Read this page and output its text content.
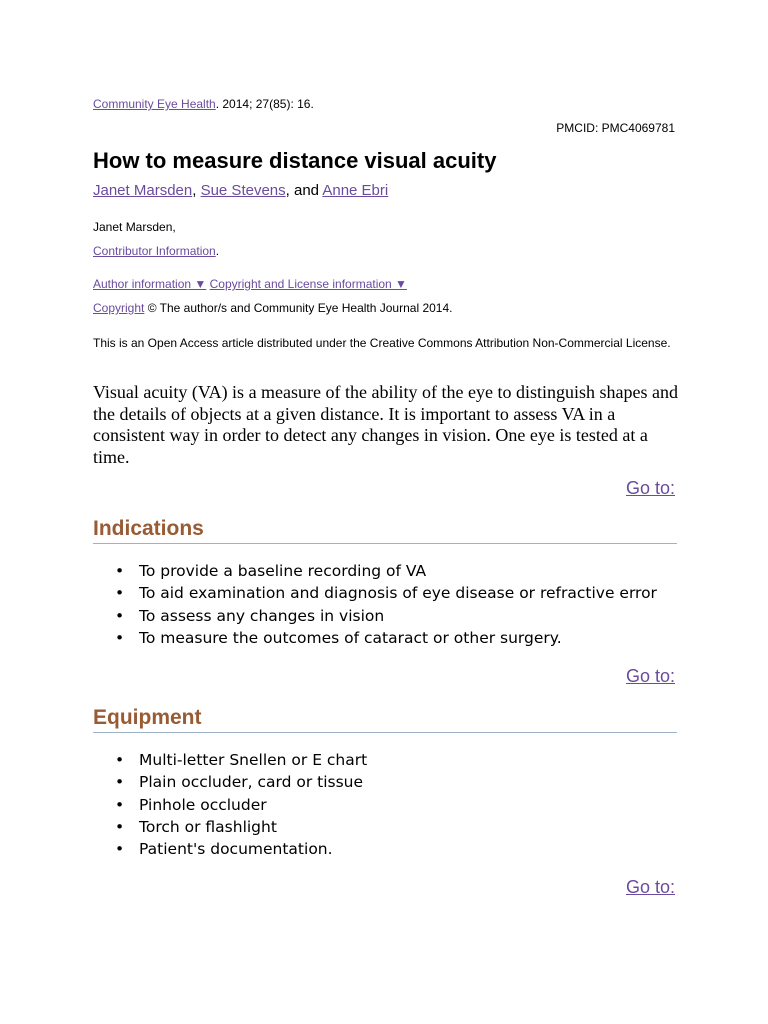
Community Eye Health. 2014; 27(85): 16.
PMCID: PMC4069781
How to measure distance visual acuity
Janet Marsden, Sue Stevens, and Anne Ebri
Janet Marsden,
Contributor Information.
Author information ▼ Copyright and License information ▼
Copyright © The author/s and Community Eye Health Journal 2014.
This is an Open Access article distributed under the Creative Commons Attribution Non-Commercial License.
Visual acuity (VA) is a measure of the ability of the eye to distinguish shapes and the details of objects at a given distance. It is important to assess VA in a consistent way in order to detect any changes in vision. One eye is tested at a time.
Go to:
Indications
• To provide a baseline recording of VA
• To aid examination and diagnosis of eye disease or refractive error
• To assess any changes in vision
• To measure the outcomes of cataract or other surgery.
Go to:
Equipment
• Multi-letter Snellen or E chart
• Plain occluder, card or tissue
• Pinhole occluder
• Torch or flashlight
• Patient's documentation.
Go to:
